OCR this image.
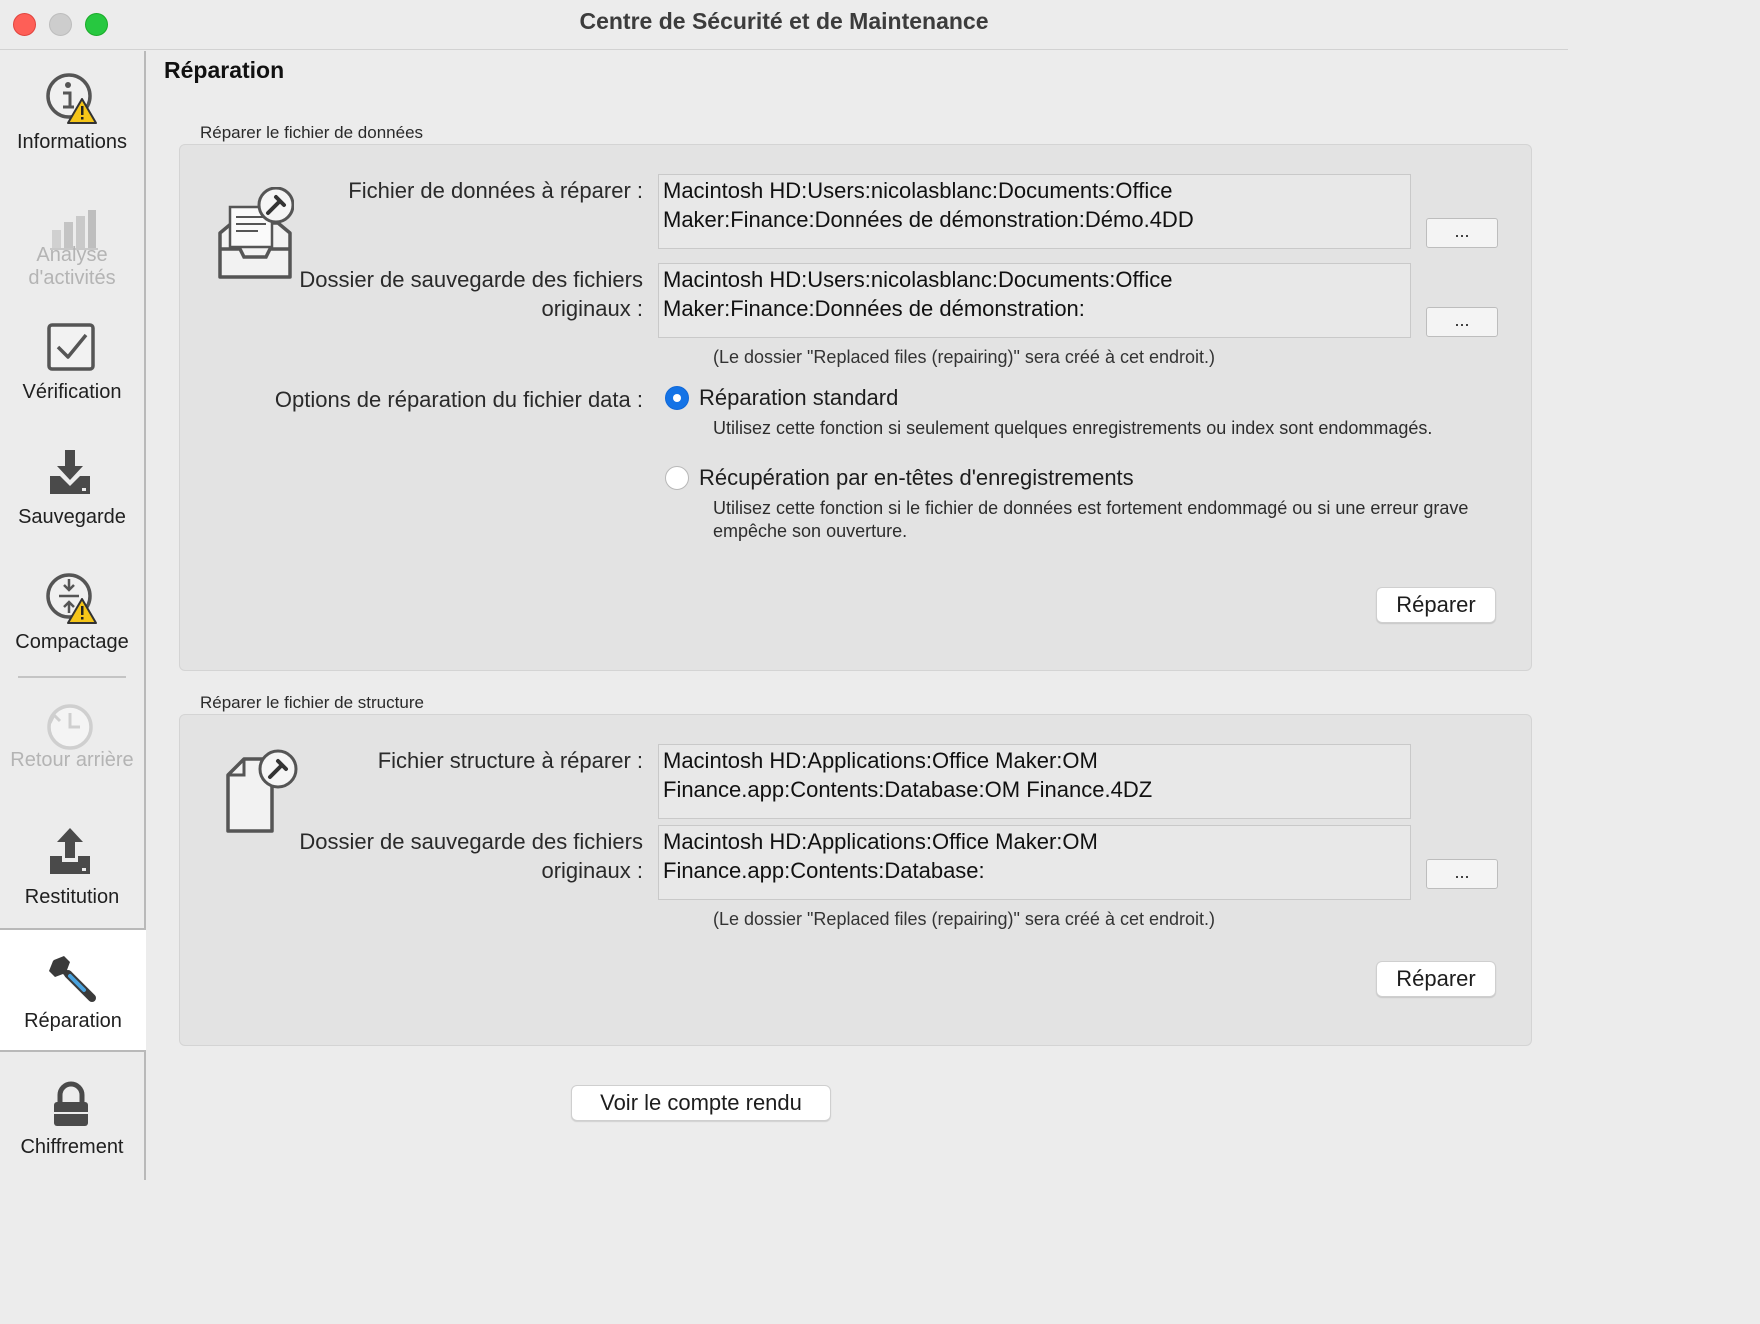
Centre de Sécurité et de Maintenance
Informations
Analyse d'activités
Vérification
Sauvegarde
Compactage
Retour arrière
Restitution
Réparation
Chiffrement
Réparation
Réparer le fichier de données
Fichier de données à réparer : Macintosh HD:Users:nicolasblanc:Documents:Office Maker:Finance:Données de démonstration:Démo.4DD	...
Dossier de sauvegarde des fichiers originaux :
Macintosh HD:Users:nicolasblanc:Documents:Office Maker:Finance:Données de démonstration:	...
(Le dossier "Replaced files (repairing)" sera créé à cet endroit.)
Options de réparation du fichier data :	Réparation standard
Utilisez cette fonction si seulement quelques enregistrements ou index sont endommagés.
Récupération par en-têtes d'enregistrements
Utilisez cette fonction si le fichier de données est fortement endommagé ou si une erreur grave empêche son ouverture.
Réparer
Réparer le fichier de structure
Fichier structure à réparer : Macintosh HD:Applications:Office Maker:OM Finance.app:Contents:Database:OM Finance.4DZ
Dossier de sauvegarde des fichiers originaux :
Macintosh HD:Applications:Office Maker:OM Finance.app:Contents:Database:	...
(Le dossier "Replaced files (repairing)" sera créé à cet endroit.)
Réparer
Voir le compte rendu
